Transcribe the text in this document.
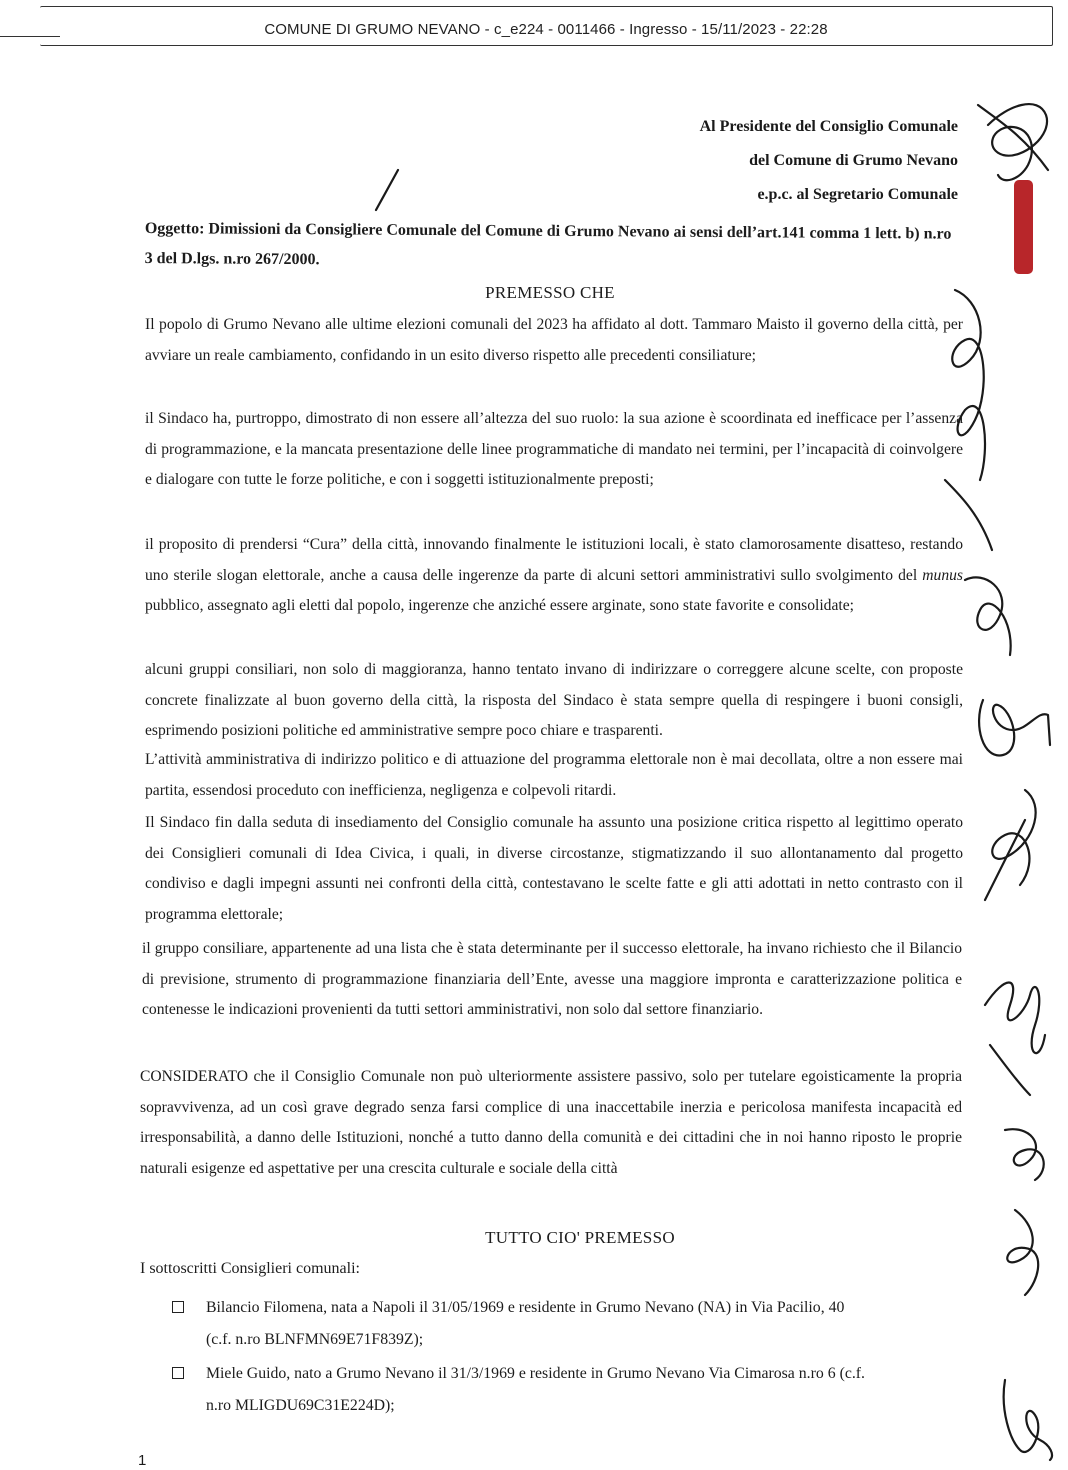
COMUNE DI GRUMO NEVANO - c_e224 - 0011466 - Ingresso - 15/11/2023 - 22:28
Al Presidente del Consiglio Comunale
del Comune di Grumo Nevano
e.p.c. al Segretario Comunale
Oggetto: Dimissioni da Consigliere Comunale del Comune di Grumo Nevano ai sensi dell’art.141 comma 1 lett. b) n.ro 3 del D.lgs. n.ro 267/2000.
PREMESSO CHE
Il popolo di Grumo Nevano alle ultime elezioni comunali del 2023 ha affidato al dott. Tammaro Maisto il governo della città, per avviare un reale cambiamento, confidando in un esito diverso rispetto alle precedenti consiliature;
il Sindaco ha, purtroppo, dimostrato di non essere all’altezza del suo ruolo: la sua azione è scoordinata ed inefficace per l’assenza di programmazione, e la mancata presentazione delle linee programmatiche di mandato nei termini, per l’incapacità di coinvolgere e dialogare con tutte le forze politiche, e con i soggetti istituzionalmente preposti;
il proposito di prendersi “Cura” della città, innovando finalmente le istituzioni locali, è stato clamorosamente disatteso, restando uno sterile slogan elettorale, anche a causa delle ingerenze da parte di alcuni settori amministrativi sullo svolgimento del munus pubblico, assegnato agli eletti dal popolo, ingerenze che anziché essere arginate, sono state favorite e consolidate;
alcuni gruppi consiliari, non solo di maggioranza, hanno tentato invano di indirizzare o correggere alcune scelte, con proposte concrete finalizzate al buon governo della città, la risposta del Sindaco è stata sempre quella di respingere i buoni consigli, esprimendo posizioni politiche ed amministrative sempre poco chiare e trasparenti.
L’attività amministrativa di indirizzo politico e di attuazione del programma elettorale non è mai decollata, oltre a non essere mai partita, essendosi proceduto con inefficienza, negligenza e colpevoli ritardi.
Il Sindaco fin dalla seduta di insediamento del Consiglio comunale ha assunto una posizione critica rispetto al legittimo operato dei Consiglieri comunali di Idea Civica, i quali, in diverse circostanze, stigmatizzando il suo allontanamento dal progetto condiviso e dagli impegni assunti nei confronti della città, contestavano le scelte fatte e gli atti adottati in netto contrasto con il programma elettorale;
il gruppo consiliare, appartenente ad una lista che è stata determinante per il successo elettorale, ha invano richiesto che il Bilancio di previsione, strumento di programmazione finanziaria dell’Ente, avesse una maggiore impronta e caratterizzazione politica e contenesse le indicazioni provenienti da tutti settori amministrativi, non solo dal settore finanziario.
CONSIDERATO che il Consiglio Comunale non può ulteriormente assistere passivo, solo per tutelare egoisticamente la propria sopravvivenza, ad un così grave degrado senza farsi complice di una inaccettabile inerzia e pericolosa manifesta incapacità ed irresponsabilità, a danno delle Istituzioni, nonché a tutto danno della comunità e dei cittadini che in noi hanno riposto le proprie naturali esigenze ed aspettative per una crescita culturale e sociale della città
TUTTO CIO' PREMESSO
I sottoscritti Consiglieri comunali:
Bilancio Filomena, nata a Napoli il 31/05/1969 e residente in Grumo Nevano (NA) in Via Pacilio, 40
(c.f. n.ro BLNFMN69E71F839Z);
Miele Guido, nato a Grumo Nevano il 31/3/1969 e residente in Grumo Nevano Via Cimarosa n.ro 6 (c.f.
n.ro MLIGDU69C31E224D);
1
